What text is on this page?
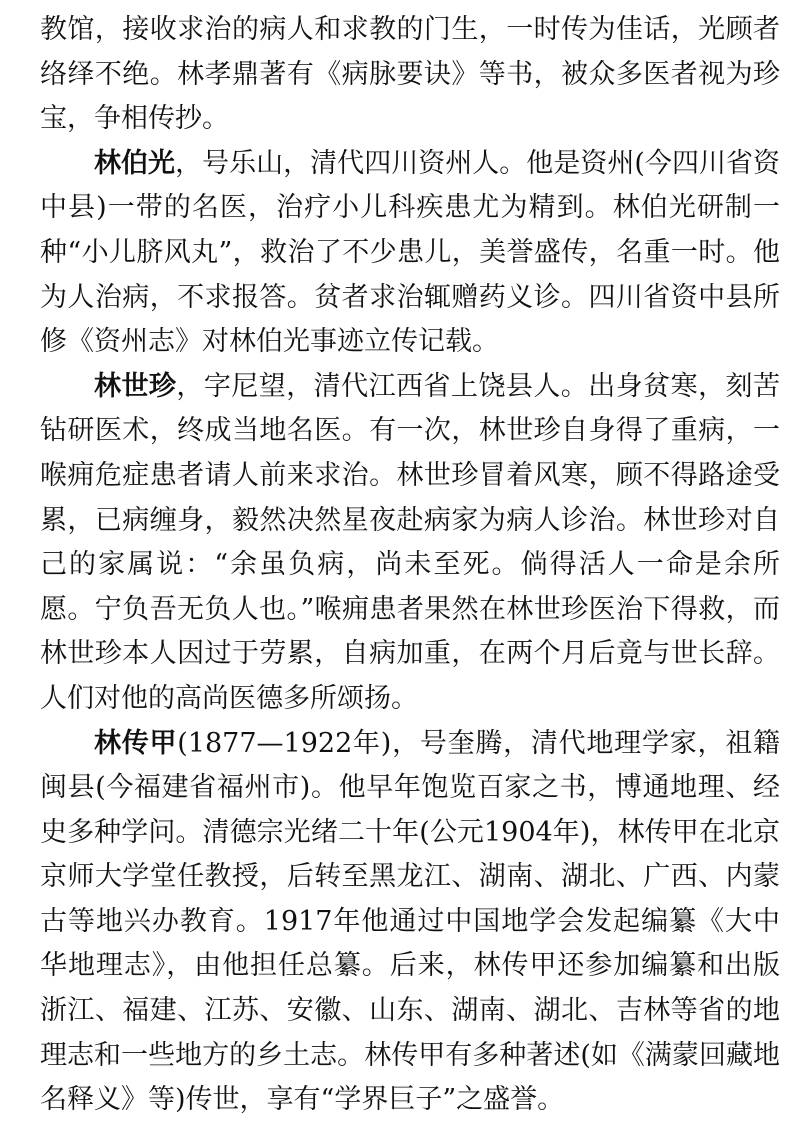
教馆，接收求治的病人和求教的门生，一时传为佳话，光顾者络绎不绝。林孝鼎著有《病脉要诀》等书，被众多医者视为珍宝，争相传抄。

林伯光，号乐山，清代四川资州人。他是资州(今四川省资中县)一带的名医，治疗小儿科疾患尤为精到。林伯光研制一种“小儿脐风丸”，救治了不少患儿，美誉盛传，名重一时。他为人治病，不求报答。贫者求治辄赠药义诊。四川省资中县所修《资州志》对林伯光事迹立传记载。

林世珍，字尼望，清代江西省上饶县人。出身贫寒，刻苦钻研医术，终成当地名医。有一次，林世珍自身得了重病，一喉痈危症患者请人前来求治。林世珍冒着风寒，顾不得路途受累，已病缠身，毅然决然星夜赴病家为病人诊治。林世珍对自己的家属说：“余虽负病，尚未至死。倘得活人一命是余所愿。宁负吾无负人也。”喉痈患者果然在林世珍医治下得救，而林世珍本人因过于劳累，自病加重，在两个月后竟与世长辞。人们对他的高尚医德多所颂扬。

林传甲(1877—1922年)，号奎腾，清代地理学家，祖籍闽县(今福建省福州市)。他早年饱览百家之书，博通地理、经史多种学问。清德宗光绪二十年(公元1904年)，林传甲在北京京师大学堂任教授，后转至黑龙江、湖南、湖北、广西、内蒙古等地兴办教育。1917年他通过中国地学会发起编纂《大中华地理志》，由他担任总纂。后来，林传甲还参加编纂和出版浙江、福建、江苏、安徽、山东、湖南、湖北、吉林等省的地理志和一些地方的乡土志。林传甲有多种著述(如《满蒙回藏地名释义》等)传世，享有“学界巨子”之盛誉。
